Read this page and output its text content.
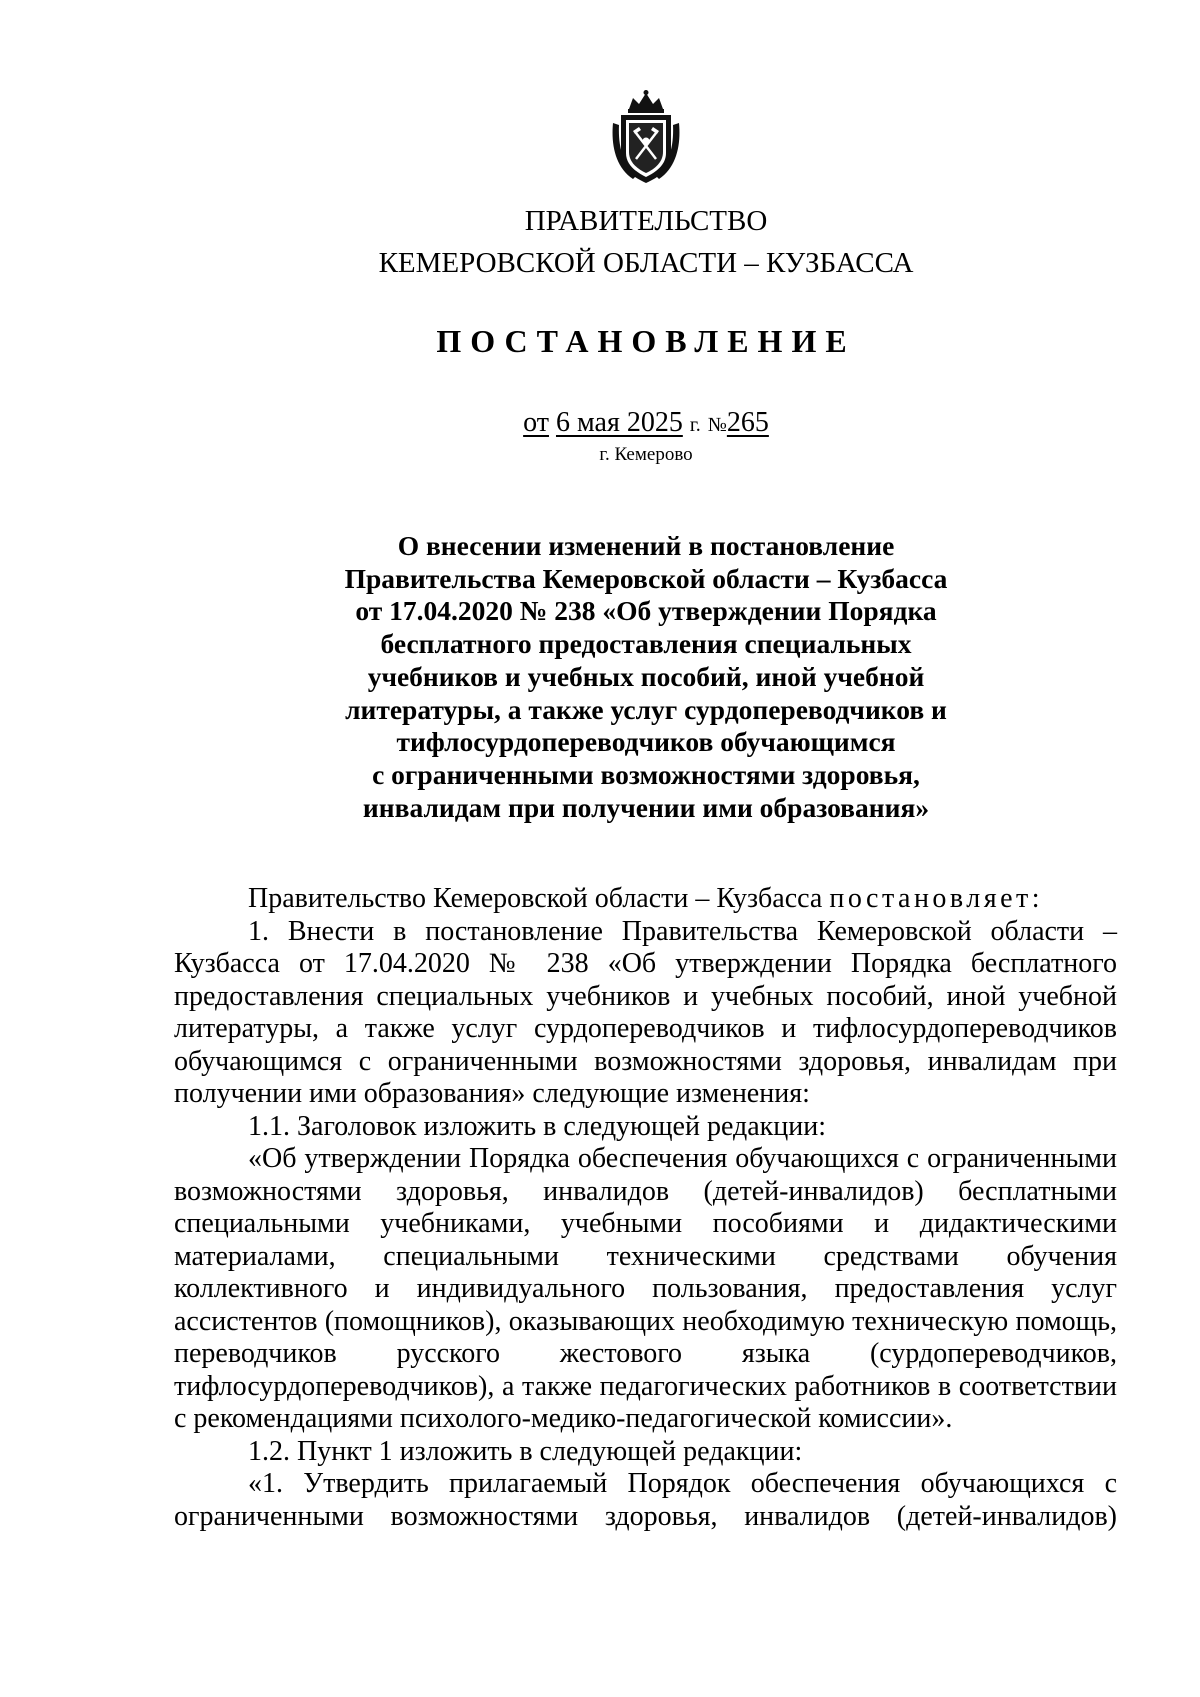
ПРАВИТЕЛЬСТВО
КЕМЕРОВСКОЙ ОБЛАСТИ – КУЗБАССА
ПОСТАНОВЛЕНИЕ
от 6 мая 2025 г. №265
г. Кемерово
О внесении изменений в постановление
Правительства Кемеровской области – Кузбасса
от 17.04.2020 № 238 «Об утверждении Порядка
бесплатного предоставления специальных
учебников и учебных пособий, иной учебной
литературы, а также услуг сурдопереводчиков и
тифлосурдопереводчиков обучающимся
с ограниченными возможностями здоровья,
инвалидам при получении ими образования»
Правительство Кемеровской области – Кузбасса постановляет:
1. Внести в постановление Правительства Кемеровской области – Кузбасса от 17.04.2020 № 238 «Об утверждении Порядка бесплатного предоставления специальных учебников и учебных пособий, иной учебной литературы, а также услуг сурдопереводчиков и тифлосурдопереводчиков обучающимся с ограниченными возможностями здоровья, инвалидам при получении ими образования» следующие изменения:
1.1. Заголовок изложить в следующей редакции:
«Об утверждении Порядка обеспечения обучающихся с ограниченными возможностями здоровья, инвалидов (детей-инвалидов) бесплатными специальными учебниками, учебными пособиями и дидактическими материалами, специальными техническими средствами обучения коллективного и индивидуального пользования, предоставления услуг ассистентов (помощников), оказывающих необходимую техническую помощь, переводчиков русского жестового языка (сурдопереводчиков, тифлосурдопереводчиков), а также педагогических работников в соответствии с рекомендациями психолого-медико-педагогической комиссии».
1.2. Пункт 1 изложить в следующей редакции:
«1. Утвердить прилагаемый Порядок обеспечения обучающихся с ограниченными возможностями здоровья, инвалидов (детей-инвалидов)
